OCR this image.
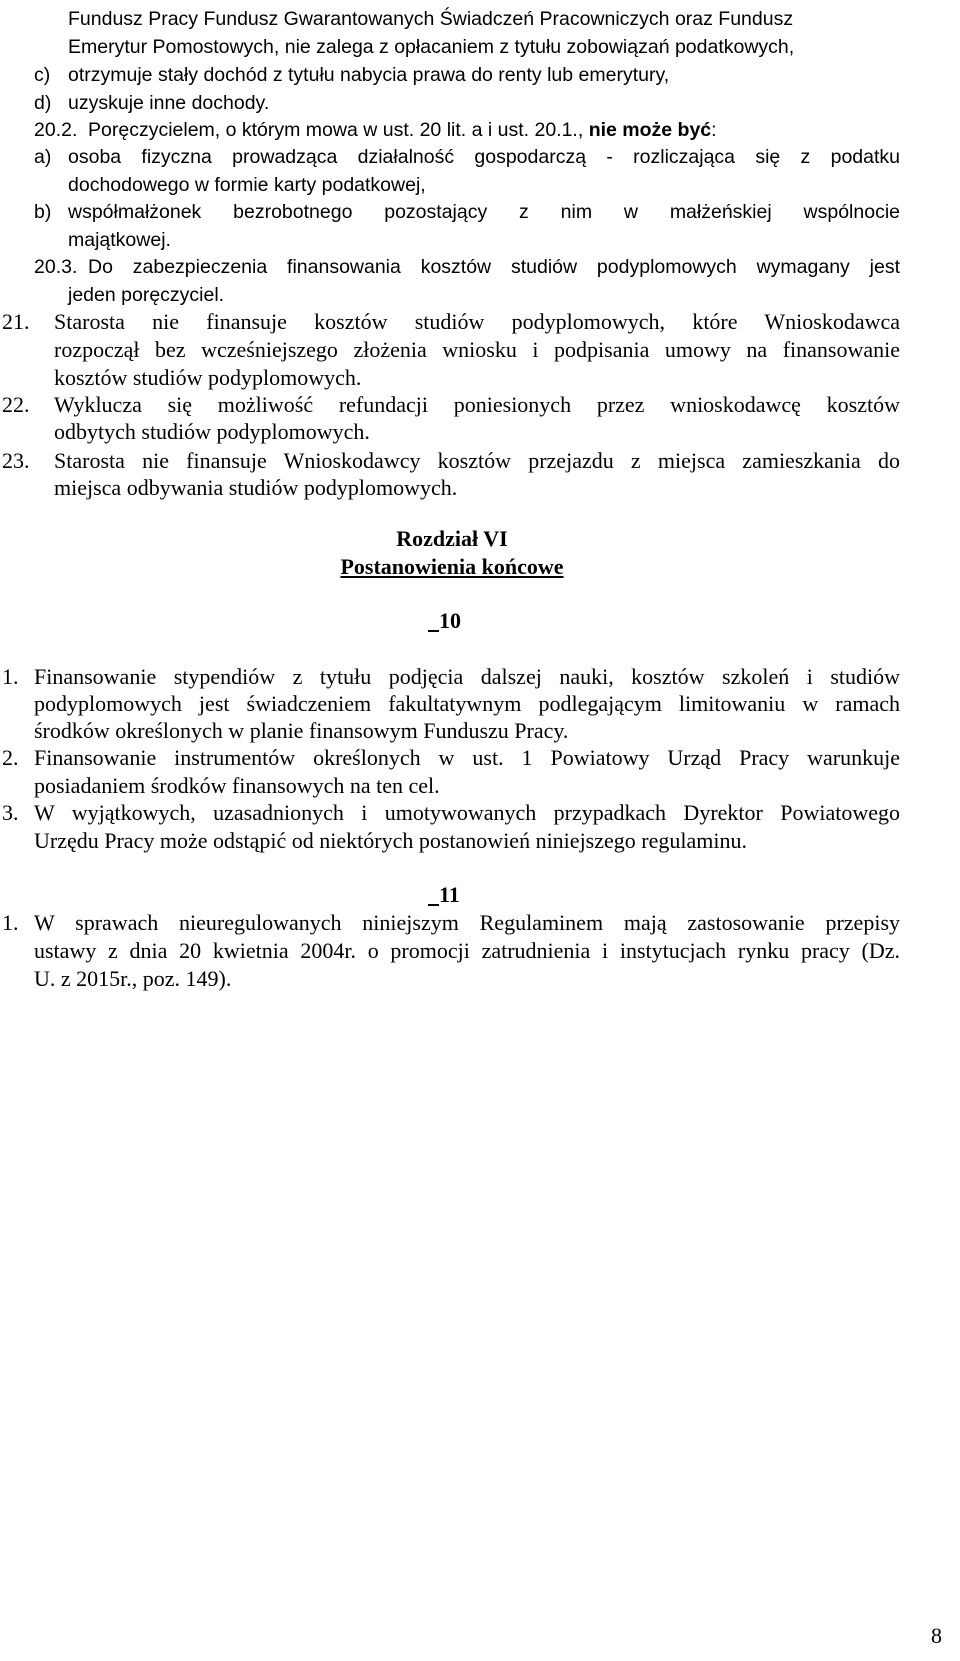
Fundusz Pracy Fundusz Gwarantowanych Świadczeń Pracowniczych oraz Fundusz
Emerytur Pomostowych, nie zalega z opłacaniem z tytułu zobowiązań podatkowych,
c) otrzymuje stały dochód z tytułu nabycia prawa do renty lub emerytury,
d) uzyskuje inne dochody.
20.2. Poręczycielem, o którym mowa w ust. 20 lit. a i ust. 20.1., nie może być:
a) osoba fizyczna prowadząca działalność gospodarczą - rozliczająca się z podatku
dochodowego w formie karty podatkowej,
b) współmałżonek bezrobotnego pozostający z nim w małżeńskiej wspólnocie
majątkowej.
20.3. Do zabezpieczenia finansowania kosztów studiów podyplomowych wymagany jest
jeden poręczyciel.
21. Starosta nie finansuje kosztów studiów podyplomowych, które Wnioskodawca
rozpoczął bez wcześniejszego złożenia wniosku i podpisania umowy na finansowanie
kosztów studiów podyplomowych.
22. Wyklucza się możliwość refundacji poniesionych przez wnioskodawcę kosztów
odbytych studiów podyplomowych.
23. Starosta nie finansuje Wnioskodawcy kosztów przejazdu z miejsca zamieszkania do
miejsca odbywania studiów podyplomowych.
Rozdział VI
Postanowienia końcowe
10
1. Finansowanie stypendiów z tytułu podjęcia dalszej nauki, kosztów szkoleń i studiów
podyplomowych jest świadczeniem fakultatywnym podlegającym limitowaniu w ramach
środków określonych w planie finansowym Funduszu Pracy.
2. Finansowanie instrumentów określonych w ust. 1 Powiatowy Urząd Pracy warunkuje
posiadaniem środków finansowych na ten cel.
3. W wyjątkowych, uzasadnionych i umotywowanych przypadkach Dyrektor Powiatowego
Urzędu Pracy może odstąpić od niektórych postanowień niniejszego regulaminu.
11
1. W sprawach nieuregulowanych niniejszym Regulaminem mają zastosowanie przepisy
ustawy z dnia 20 kwietnia 2004r. o promocji zatrudnienia i instytucjach rynku pracy (Dz.
U. z 2015r., poz. 149).
8
